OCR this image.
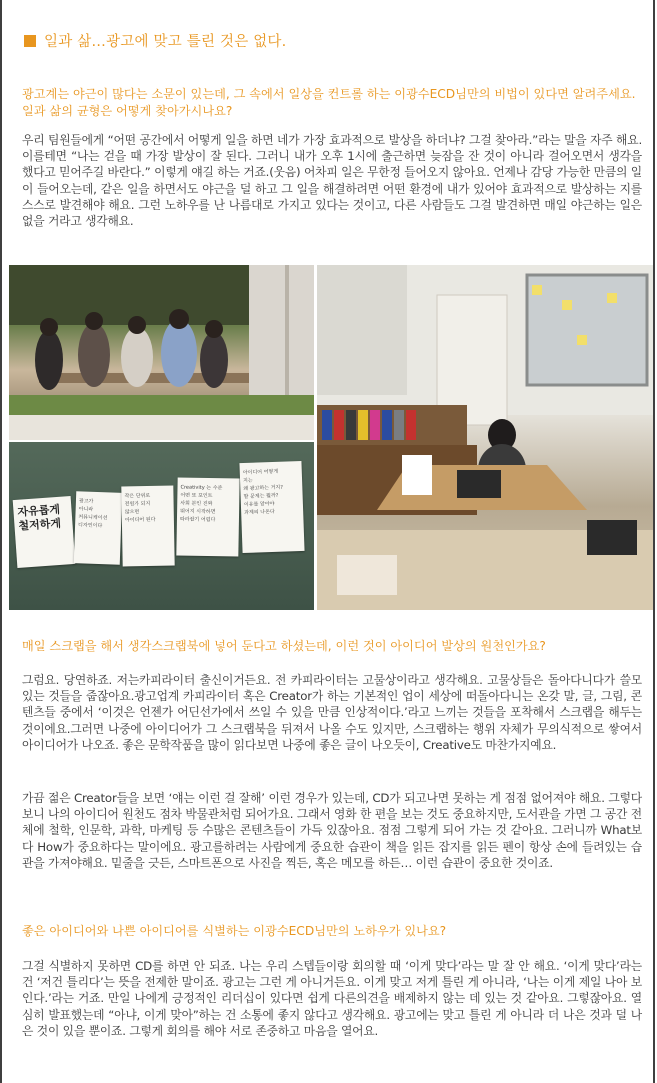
일과 삶…광고에 맞고 틀린 것은 없다.
광고계는 야근이 많다는 소문이 있는데, 그 속에서 일상을 컨트롤 하는 이광수ECD님만의 비법이 있다면 알려주세요.일과 삶의 균형은 어떻게 찾아가시나요?
우리 팀원들에게 “어떤 공간에서 어떻게 일을 하면 네가 가장 효과적으로 발상을 하더냐? 그걸 찾아라.”라는 말을 자주 해요. 이를테면 “나는 걷을 때 가장 발상이 잘 된다. 그러니 내가 오후 1시에 출근하면 늦잠을 잔 것이 아니라 걸어오면서 생각을 했다고 믿어주길 바란다.” 이렇게 얘길 하는 거죠.(웃음) 어차피 일은 무한정 들어오지 않아요. 언제나 감당 가능한 만큼의 일이 들어오는데, 같은 일을 하면서도 야근을 덜 하고 그 일을 해결하려면 어떤 환경에 내가 있어야 효과적으로 발상하는 지를 스스로 발견해야 해요. 그런 노하우를 난 나름대로 가지고 있다는 것이고, 다른 사람들도 그걸 발견하면 매일 야근하는 일은 없을 거라고 생각해요.
자유롭게
철저하게
광고가
아니라
커뮤니케이션
디자인이다
작은 단위로
전원가 되지
않으면
아이디어 된다
Creativity 는 수준
어떤 또 포인트
사회 본인 진짜
뛰어지 시작하면
따라잡기 어렵다
아이디어 어떻게
지는
왜 광고하는 거지?
할 문제는 뭘까?
이유를 알아야
과제의 나온다
매일 스크랩을 해서 생각스크랩북에 넣어 둔다고 하셨는데, 이런 것이 아이디어 발상의 원천인가요?
그럼요. 당연하죠. 저는카피라이터 출신이거든요. 전 카피라이터는 고물상이라고 생각해요. 고물상들은 돌아다니다가 쓸모 있는 것들을 줍잖아요.광고업계 카피라이터 혹은 Creator가 하는 기본적인 업이 세상에 떠돌아다니는 온갖 말, 글, 그림, 콘텐츠들 중에서 ‘이것은 언젠가 어딘선가에서 쓰일 수 있을 만큼 인상적이다.’라고 느끼는 것들을 포착해서 스크랩을 해두는 것이에요.그러면 나중에 아이디어가 그 스크랩북을 뒤져서 나올 수도 있지만, 스크랩하는 행위 자체가 무의식적으로 쌓여서 아이디어가 나오죠. 좋은 문학작품을 많이 읽다보면 나중에 좋은 글이 나오듯이, Creative도 마찬가지예요.
가끔 젊은 Creator들을 보면 ‘얘는 이런 걸 잘해’ 이런 경우가 있는데, CD가 되고나면 못하는 게 점점 없어져야 해요. 그렇다보니 나의 아이디어 원천도 점차 박물관처럼 되어가요. 그래서 영화 한 편을 보는 것도 중요하지만, 도서관을 가면 그 공간 전체에 철학, 인문학, 과학, 마케팅 등 수많은 콘텐츠들이 가득 있잖아요. 점점 그렇게 되어 가는 것 같아요. 그러니까 What보다 How가 중요하다는 말이에요. 광고를하려는 사람에게 중요한 습관이 책을 읽든 잡지를 읽든 펜이 항상 손에 들려있는 습관을 가져야해요. 밑줄을 긋든, 스마트폰으로 사진을 찍든, 혹은 메모를 하든… 이런 습관이 중요한 것이죠.
좋은 아이디어와 나쁜 아이디어를 식별하는 이광수ECD님만의 노하우가 있나요?
그걸 식별하지 못하면 CD를 하면 안 되죠. 나는 우리 스텝들이랑 회의할 때 ‘이게 맞다’라는 말 잘 안 해요. ‘이게 맞다’라는 건 ‘저건 틀리다’는 뜻을 전제한 말이죠. 광고는 그런 게 아니거든요. 이게 맞고 저게 틀린 게 아니라, ‘나는 이게 제일 나아 보인다.’라는 거죠. 만일 나에게 긍정적인 리더십이 있다면 쉽게 다른의견을 배제하지 않는 데 있는 것 같아요. 그렇잖아요. 열심히 발표했는데 “아냐, 이게 맞아”하는 건 소통에 좋지 않다고 생각해요. 광고에는 맞고 틀린 게 아니라 더 나은 것과 덜 나은 것이 있을 뿐이죠. 그렇게 회의를 해야 서로 존중하고 마음을 열어요.
